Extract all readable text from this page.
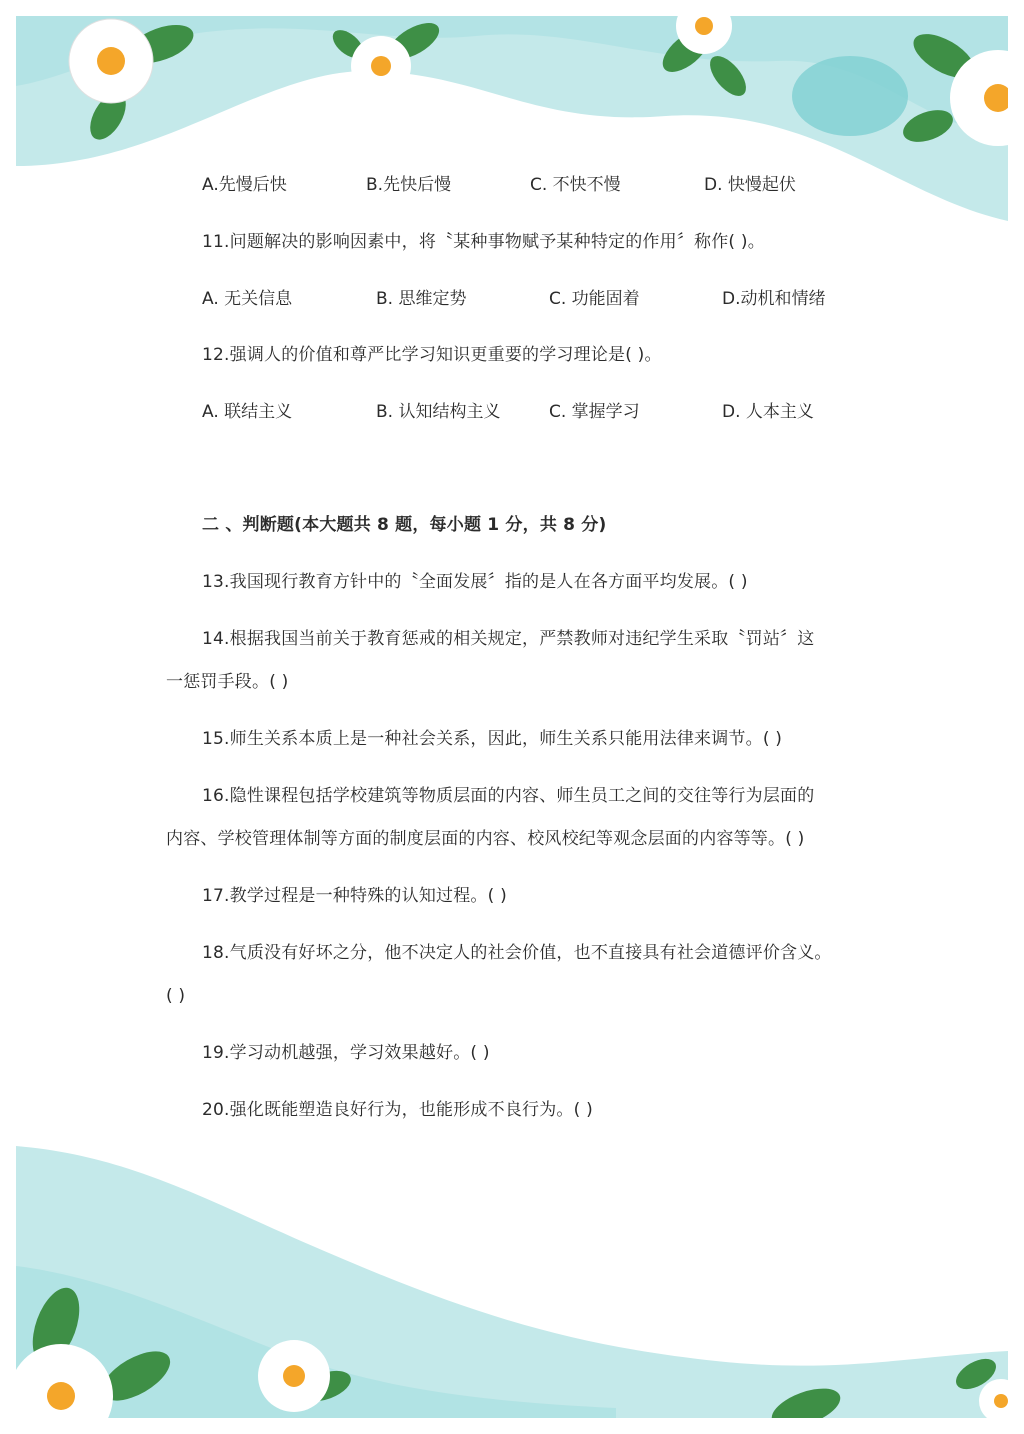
A.先慢后快	B.先快后慢	C. 不快不慢	D. 快慢起伏
11.问题解决的影响因素中，将〝某种事物赋予某种特定的作用〞称作( )。
A. 无关信息	B. 思维定势	C. 功能固着	D.动机和情绪
12.强调人的价值和尊严比学习知识更重要的学习理论是( )。
A. 联结主义	B. 认知结构主义	C. 掌握学习	D. 人本主义
二 、判断题(本大题共 8 题，每小题 1 分，共 8 分)
13.我国现行教育方针中的〝全面发展〞指的是人在各方面平均发展。( )
14.根据我国当前关于教育惩戒的相关规定，严禁教师对违纪学生采取〝罚站〞这
一惩罚手段。( )
15.师生关系本质上是一种社会关系，因此，师生关系只能用法律来调节。( )
16.隐性课程包括学校建筑等物质层面的内容、师生员工之间的交往等行为层面的
内容、学校管理体制等方面的制度层面的内容、校风校纪等观念层面的内容等等。( )
17.教学过程是一种特殊的认知过程。( )
18.气质没有好坏之分，他不决定人的社会价值，也不直接具有社会道德评价含义。
( )
19.学习动机越强，学习效果越好。( )
20.强化既能塑造良好行为，也能形成不良行为。( )
